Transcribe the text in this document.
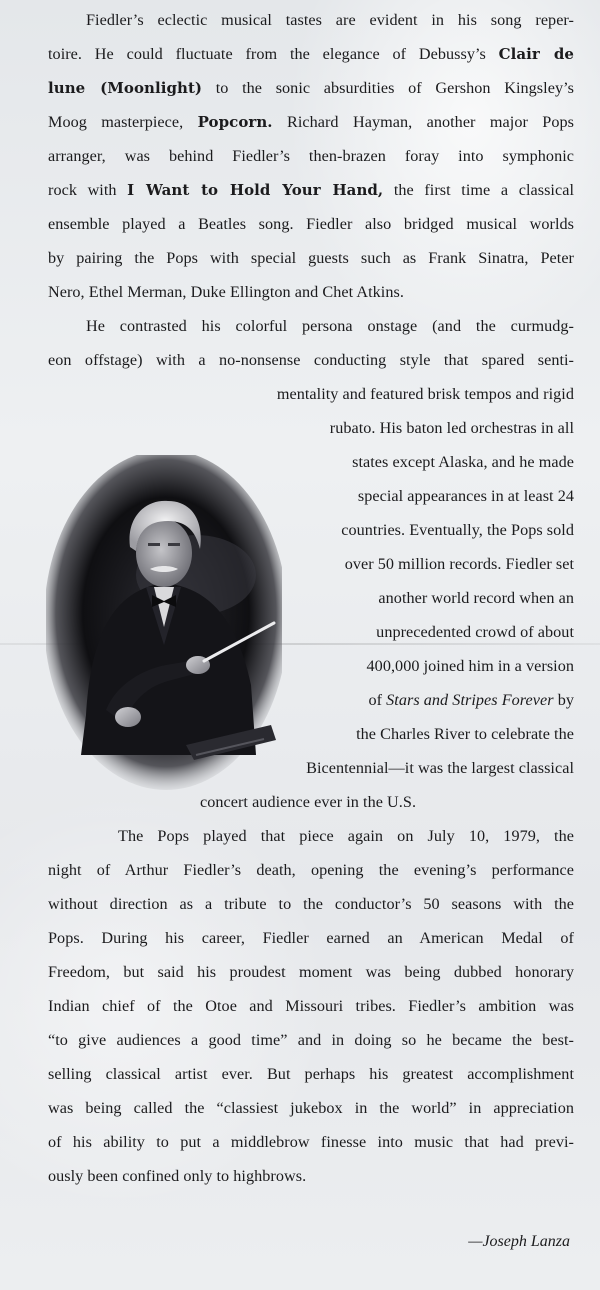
Fiedler’s eclectic musical tastes are evident in his song reper-
toire. He could fluctuate from the elegance of Debussy’s Clair de
lune (Moonlight) to the sonic absurdities of Gershon Kingsley’s
Moog masterpiece, Popcorn. Richard Hayman, another major Pops
arranger, was behind Fiedler’s then-brazen foray into symphonic
rock with I Want to Hold Your Hand, the first time a classical
ensemble played a Beatles song. Fiedler also bridged musical worlds
by pairing the Pops with special guests such as Frank Sinatra, Peter
Nero, Ethel Merman, Duke Ellington and Chet Atkins.
He contrasted his colorful persona onstage (and the curmudg-
eon offstage) with a no-nonsense conducting style that spared senti-
mentality and featured brisk tempos and rigid
rubato. His baton led orchestras in all
states except Alaska, and he made
special appearances in at least 24
countries. Eventually, the Pops sold
over 50 million records. Fiedler set
another world record when an
unprecedented crowd of about
400,000 joined him in a version
of Stars and Stripes Forever by
the Charles River to celebrate the
Bicentennial—it was the largest classical
concert audience ever in the U.S.
The Pops played that piece again on July 10, 1979, the
night of Arthur Fiedler’s death, opening the evening’s performance
without direction as a tribute to the conductor’s 50 seasons with the
Pops. During his career, Fiedler earned an American Medal of
Freedom, but said his proudest moment was being dubbed honorary
Indian chief of the Otoe and Missouri tribes. Fiedler’s ambition was
“to give audiences a good time” and in doing so he became the best-
selling classical artist ever. But perhaps his greatest accomplishment
was being called the “classiest jukebox in the world” in appreciation
of his ability to put a middlebrow finesse into music that had previ-
ously been confined only to highbrows.
—Joseph Lanza
